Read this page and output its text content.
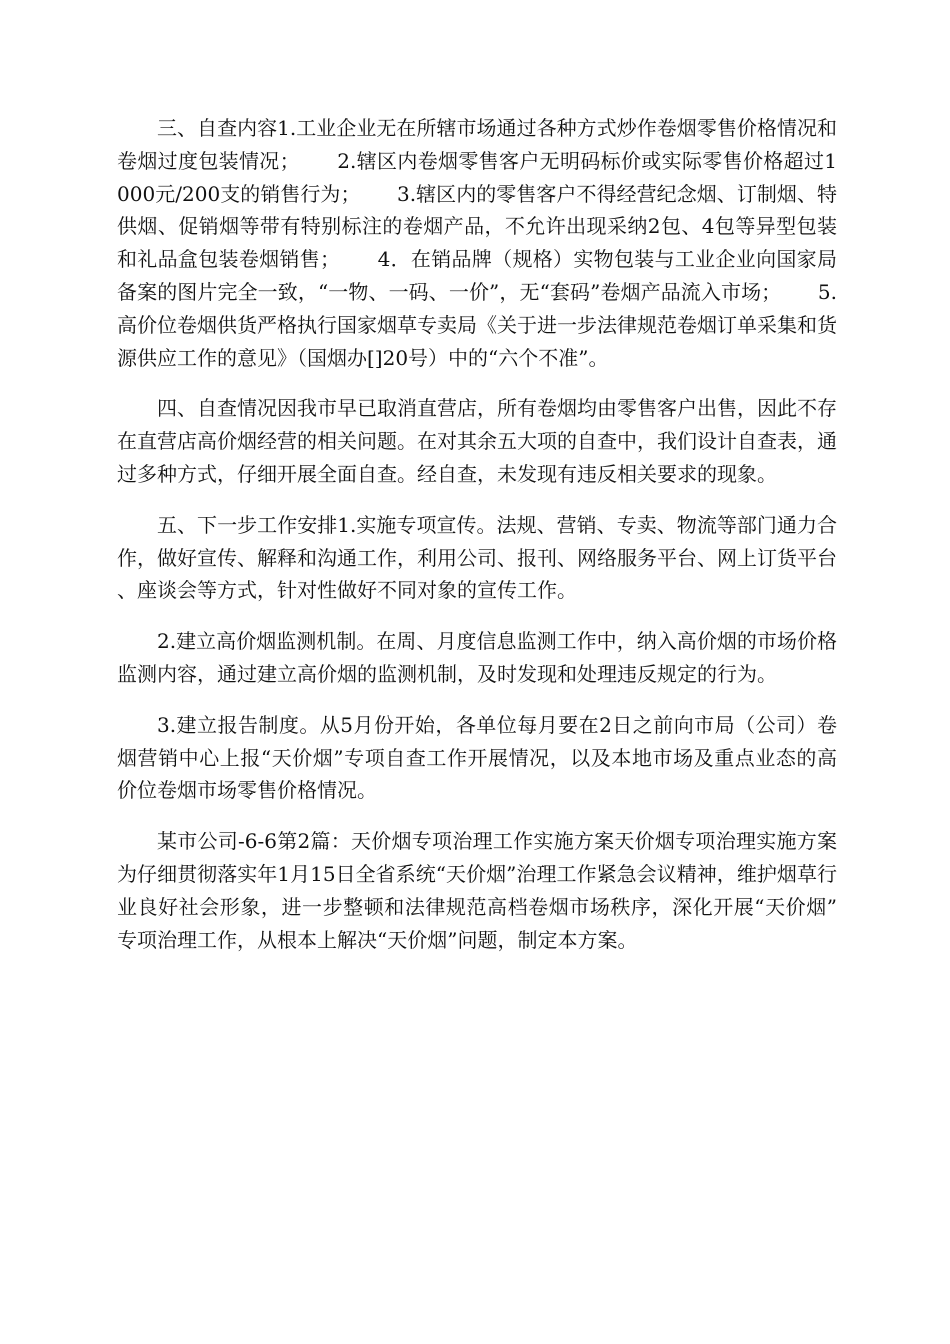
三、自查内容1.工业企业无在所辖市场通过各种方式炒作卷烟零售价格情况和卷烟过度包装情况；　　 2.辖区内卷烟零售客户无明码标价或实际零售价格超过1000元/200支的销售行为；　　 3.辖区内的零售客户不得经营纪念烟、订制烟、特供烟、促销烟等带有特别标注的卷烟产品，不允许出现采纳2包、4包等异型包装和礼品盒包装卷烟销售；　　 4．在销品牌（规格）实物包装与工业企业向国家局备案的图片完全一致，“一物、一码、一价”，无“套码”卷烟产品流入市场；　　 5.高价位卷烟供货严格执行国家烟草专卖局《关于进一步法律规范卷烟订单采集和货源供应工作的意见》（国烟办[]20号）中的“六个不准”。

四、自查情况因我市早已取消直营店，所有卷烟均由零售客户出售，因此不存在直营店高价烟经营的相关问题。在对其余五大项的自查中，我们设计自查表，通过多种方式，仔细开展全面自查。经自查，未发现有违反相关要求的现象。

五、下一步工作安排1.实施专项宣传。法规、营销、专卖、物流等部门通力合作，做好宣传、解释和沟通工作，利用公司、报刊、网络服务平台、网上订货平台、座谈会等方式，针对性做好不同对象的宣传工作。

2.建立高价烟监测机制。在周、月度信息监测工作中，纳入高价烟的市场价格监测内容，通过建立高价烟的监测机制，及时发现和处理违反规定的行为。

3.建立报告制度。从5月份开始，各单位每月要在2日之前向市局（公司）卷烟营销中心上报“天价烟”专项自查工作开展情况，以及本地市场及重点业态的高价位卷烟市场零售价格情况。

某市公司-6-6第2篇：天价烟专项治理工作实施方案天价烟专项治理实施方案为仔细贯彻落实年1月15日全省系统“天价烟”治理工作紧急会议精神，维护烟草行业良好社会形象，进一步整顿和法律规范高档卷烟市场秩序，深化开展“天价烟”专项治理工作，从根本上解决“天价烟”问题，制定本方案。
